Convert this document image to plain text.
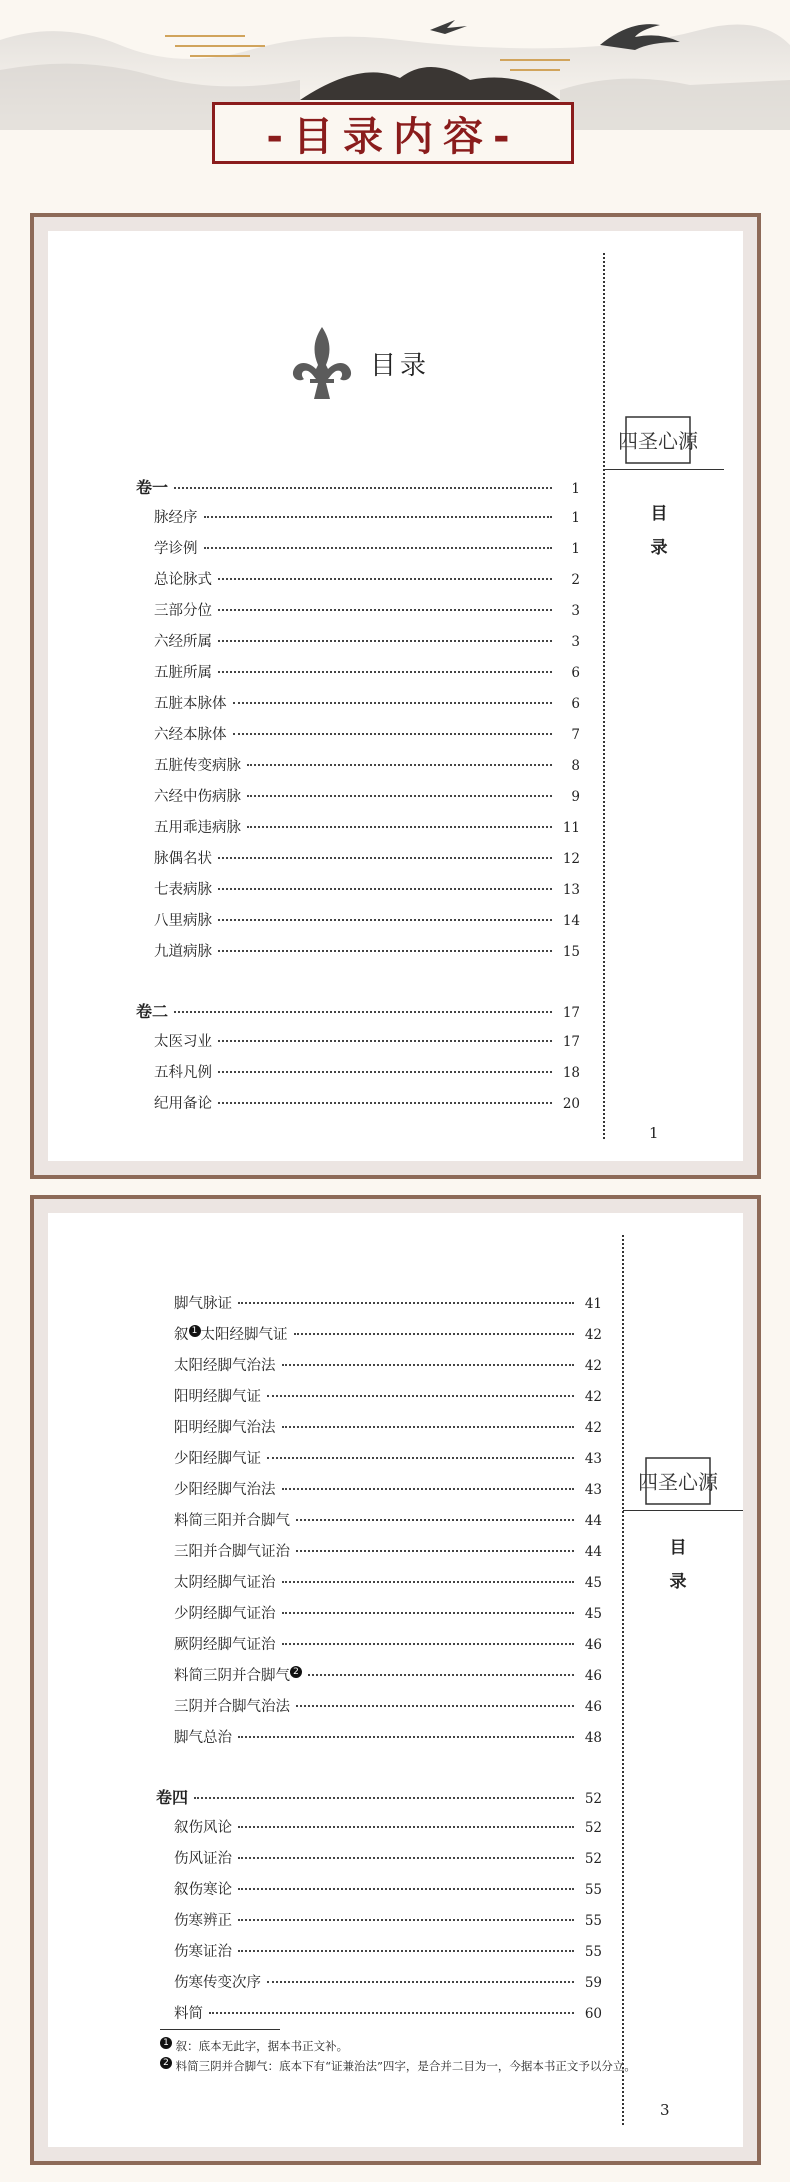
-目录内容-
目录
卷一	1
脉经序	1
学诊例	1
总论脉式	2
三部分位	3
六经所属	3
五脏所属	6
五脏本脉体	6
六经本脉体	7
五脏传变病脉	8
六经中伤病脉	9
五用乖违病脉	11
脉偶名状	12
七表病脉	13
八里病脉	14
九道病脉	15
卷二	17
太医习业	17
五科凡例	18
纪用备论	20
四圣心源
目
录
1
脚气脉证	41
叙 1 太阳经脚气证	42
太阳经脚气治法	42
阳明经脚气证	42
阳明经脚气治法	42
少阳经脚气证	43
少阳经脚气治法	43
料简三阳并合脚气	44
三阳并合脚气证治	44
太阴经脚气证治	45
少阴经脚气证治	45
厥阴经脚气证治	46
料简三阴并合脚气 2	46
三阴并合脚气治法	46
脚气总治	48
卷四	52
叙伤风论	52
伤风证治	52
叙伤寒论	55
伤寒辨正	55
伤寒证治	55
伤寒传变次序	59
料简	60
四圣心源
目
录
1 叙：底本无此字，据本书正文补。
2 料简三阴并合脚气：底本下有“证兼治法”四字，是合并二目为一，今据本书正文予以分立。
3
